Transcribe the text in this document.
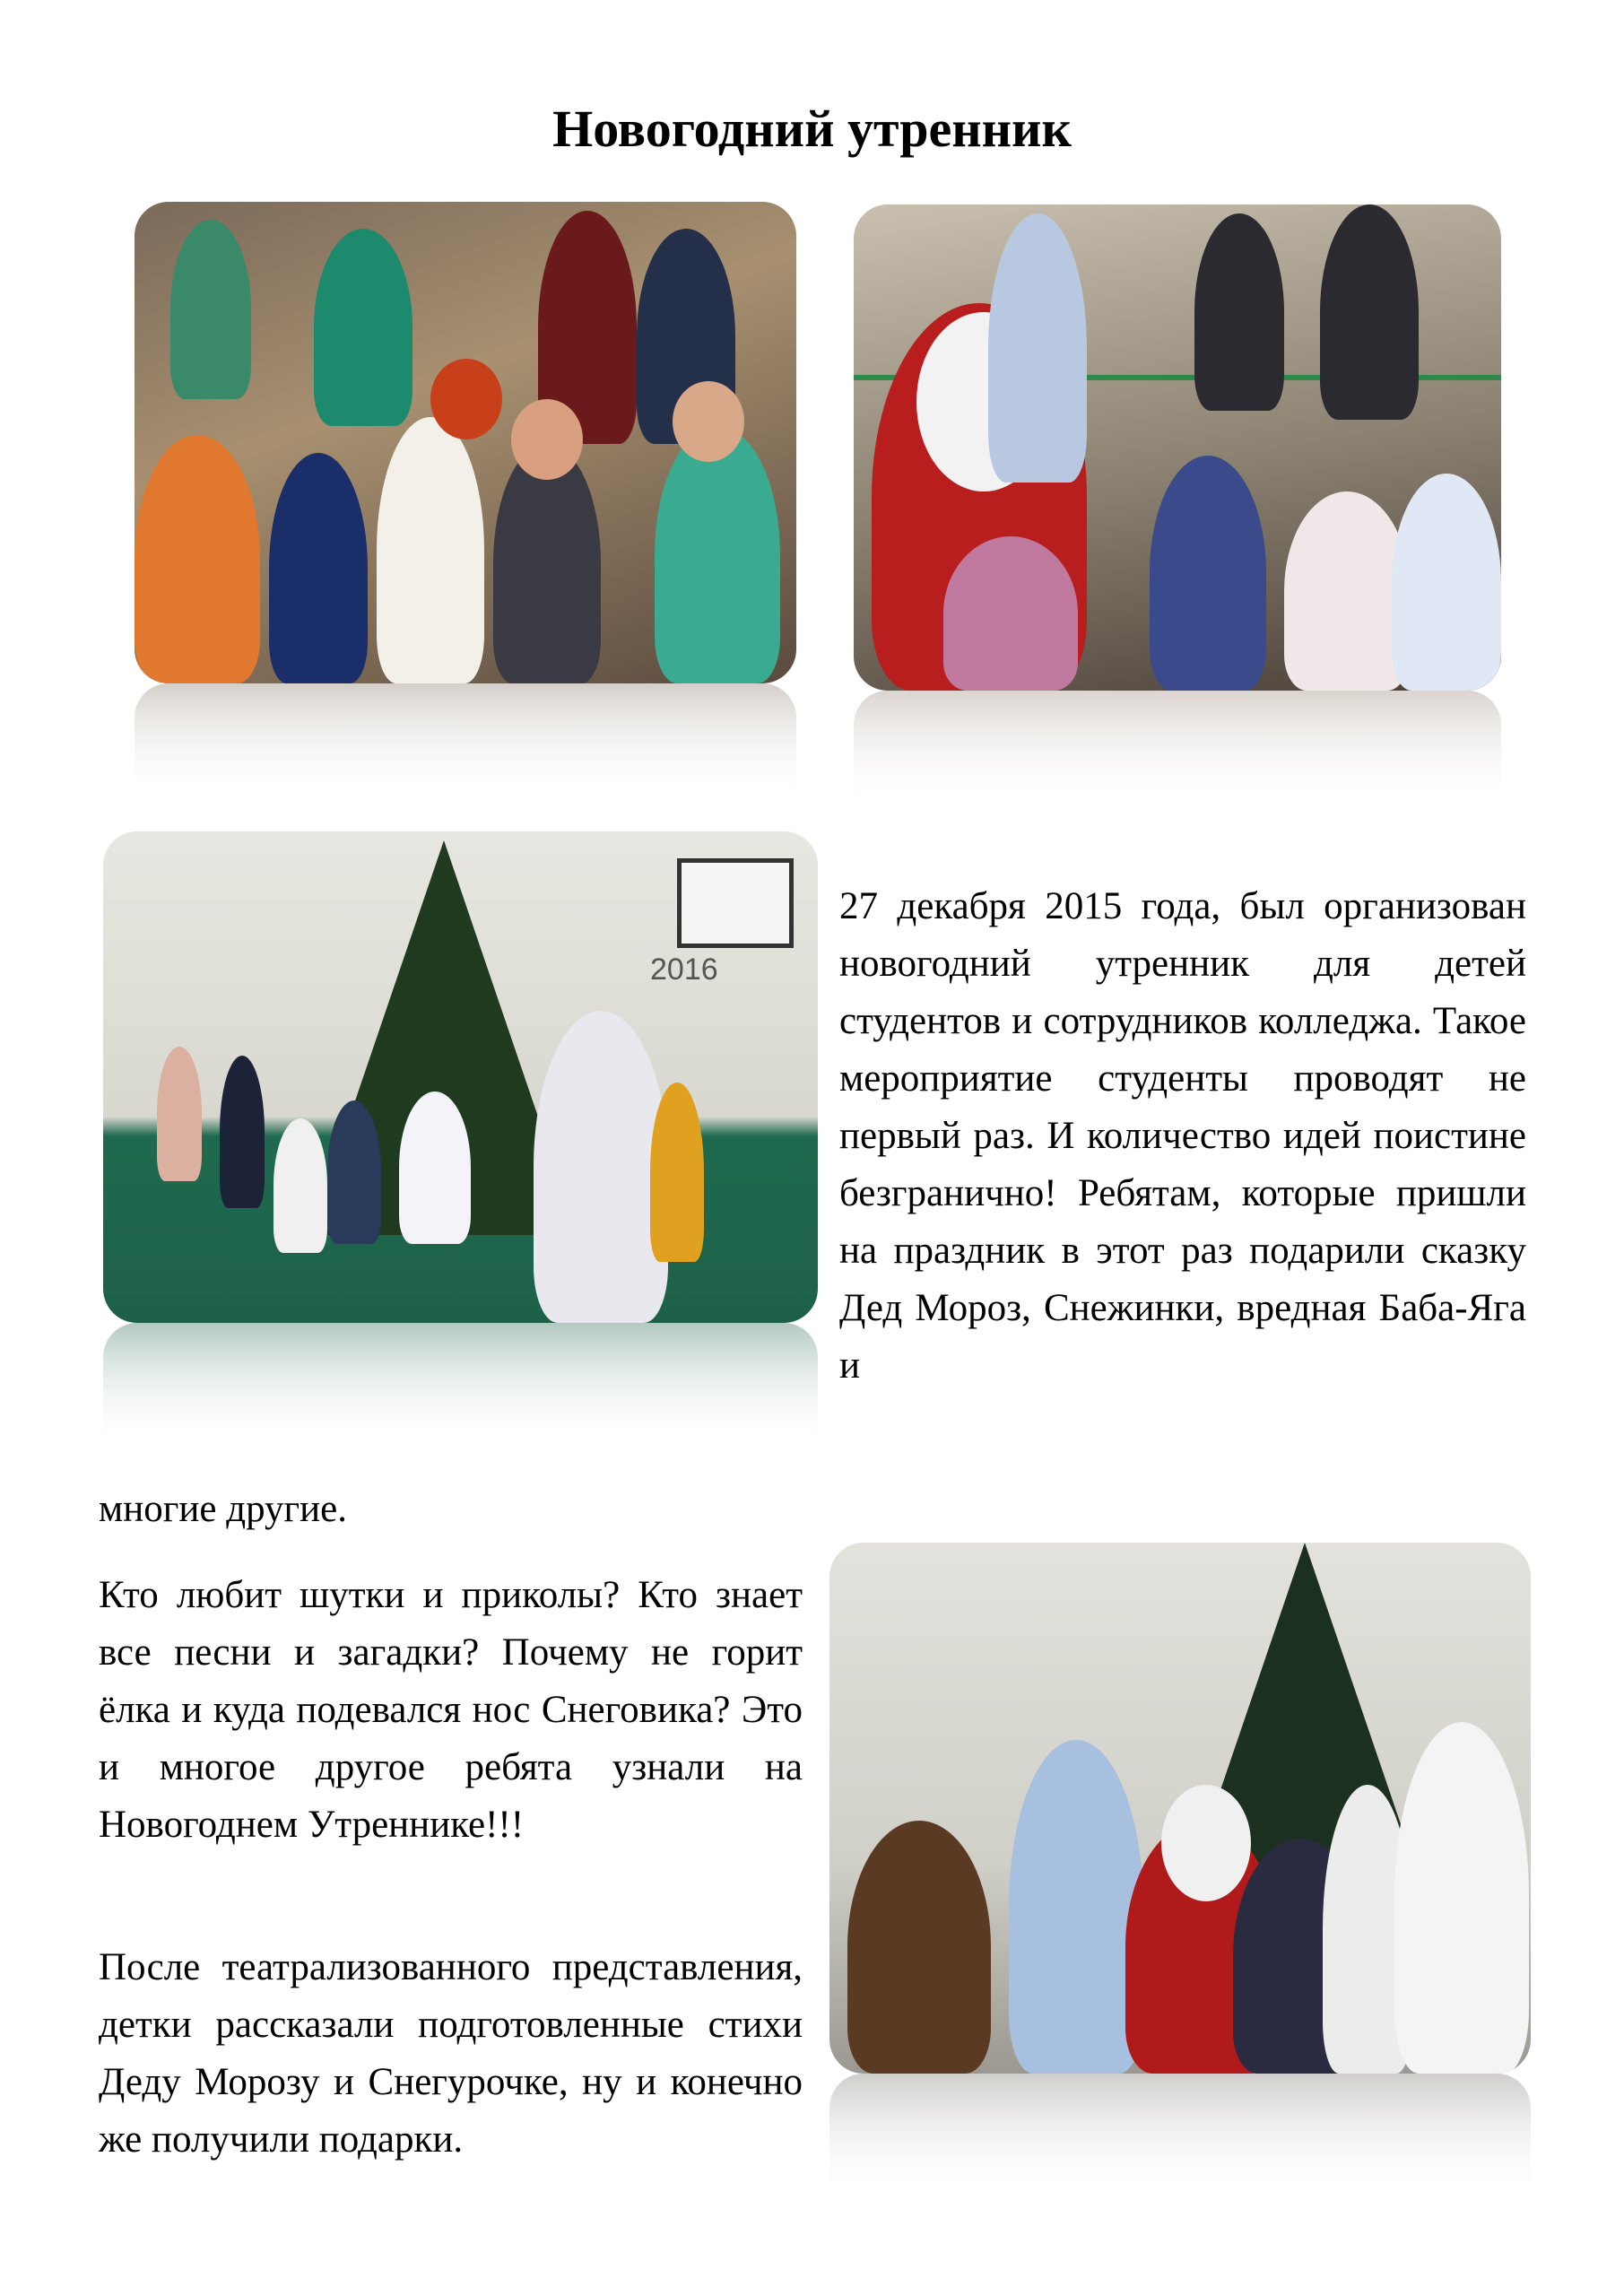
Новогодний утренник
2016

27 декабря 2015 года, был организован новогодний утренник для детей студентов и сотрудников колледжа. Такое мероприятие студенты проводят не первый раз. И количество идей поистине безгранично! Ребятам, которые пришли на праздник в этот раз подарили сказку Дед Мороз, Снежинки, вредная Баба-Яга и

многие другие.

Кто любит шутки и приколы? Кто знает все песни и загадки? Почему не горит ёлка и куда подевался нос Снеговика? Это и многое другое ребята узнали на Новогоднем Утреннике!!!

После театрализованного представления, детки рассказали подготовленные стихи Деду Морозу и Снегурочке, ну и конечно же получили подарки.
